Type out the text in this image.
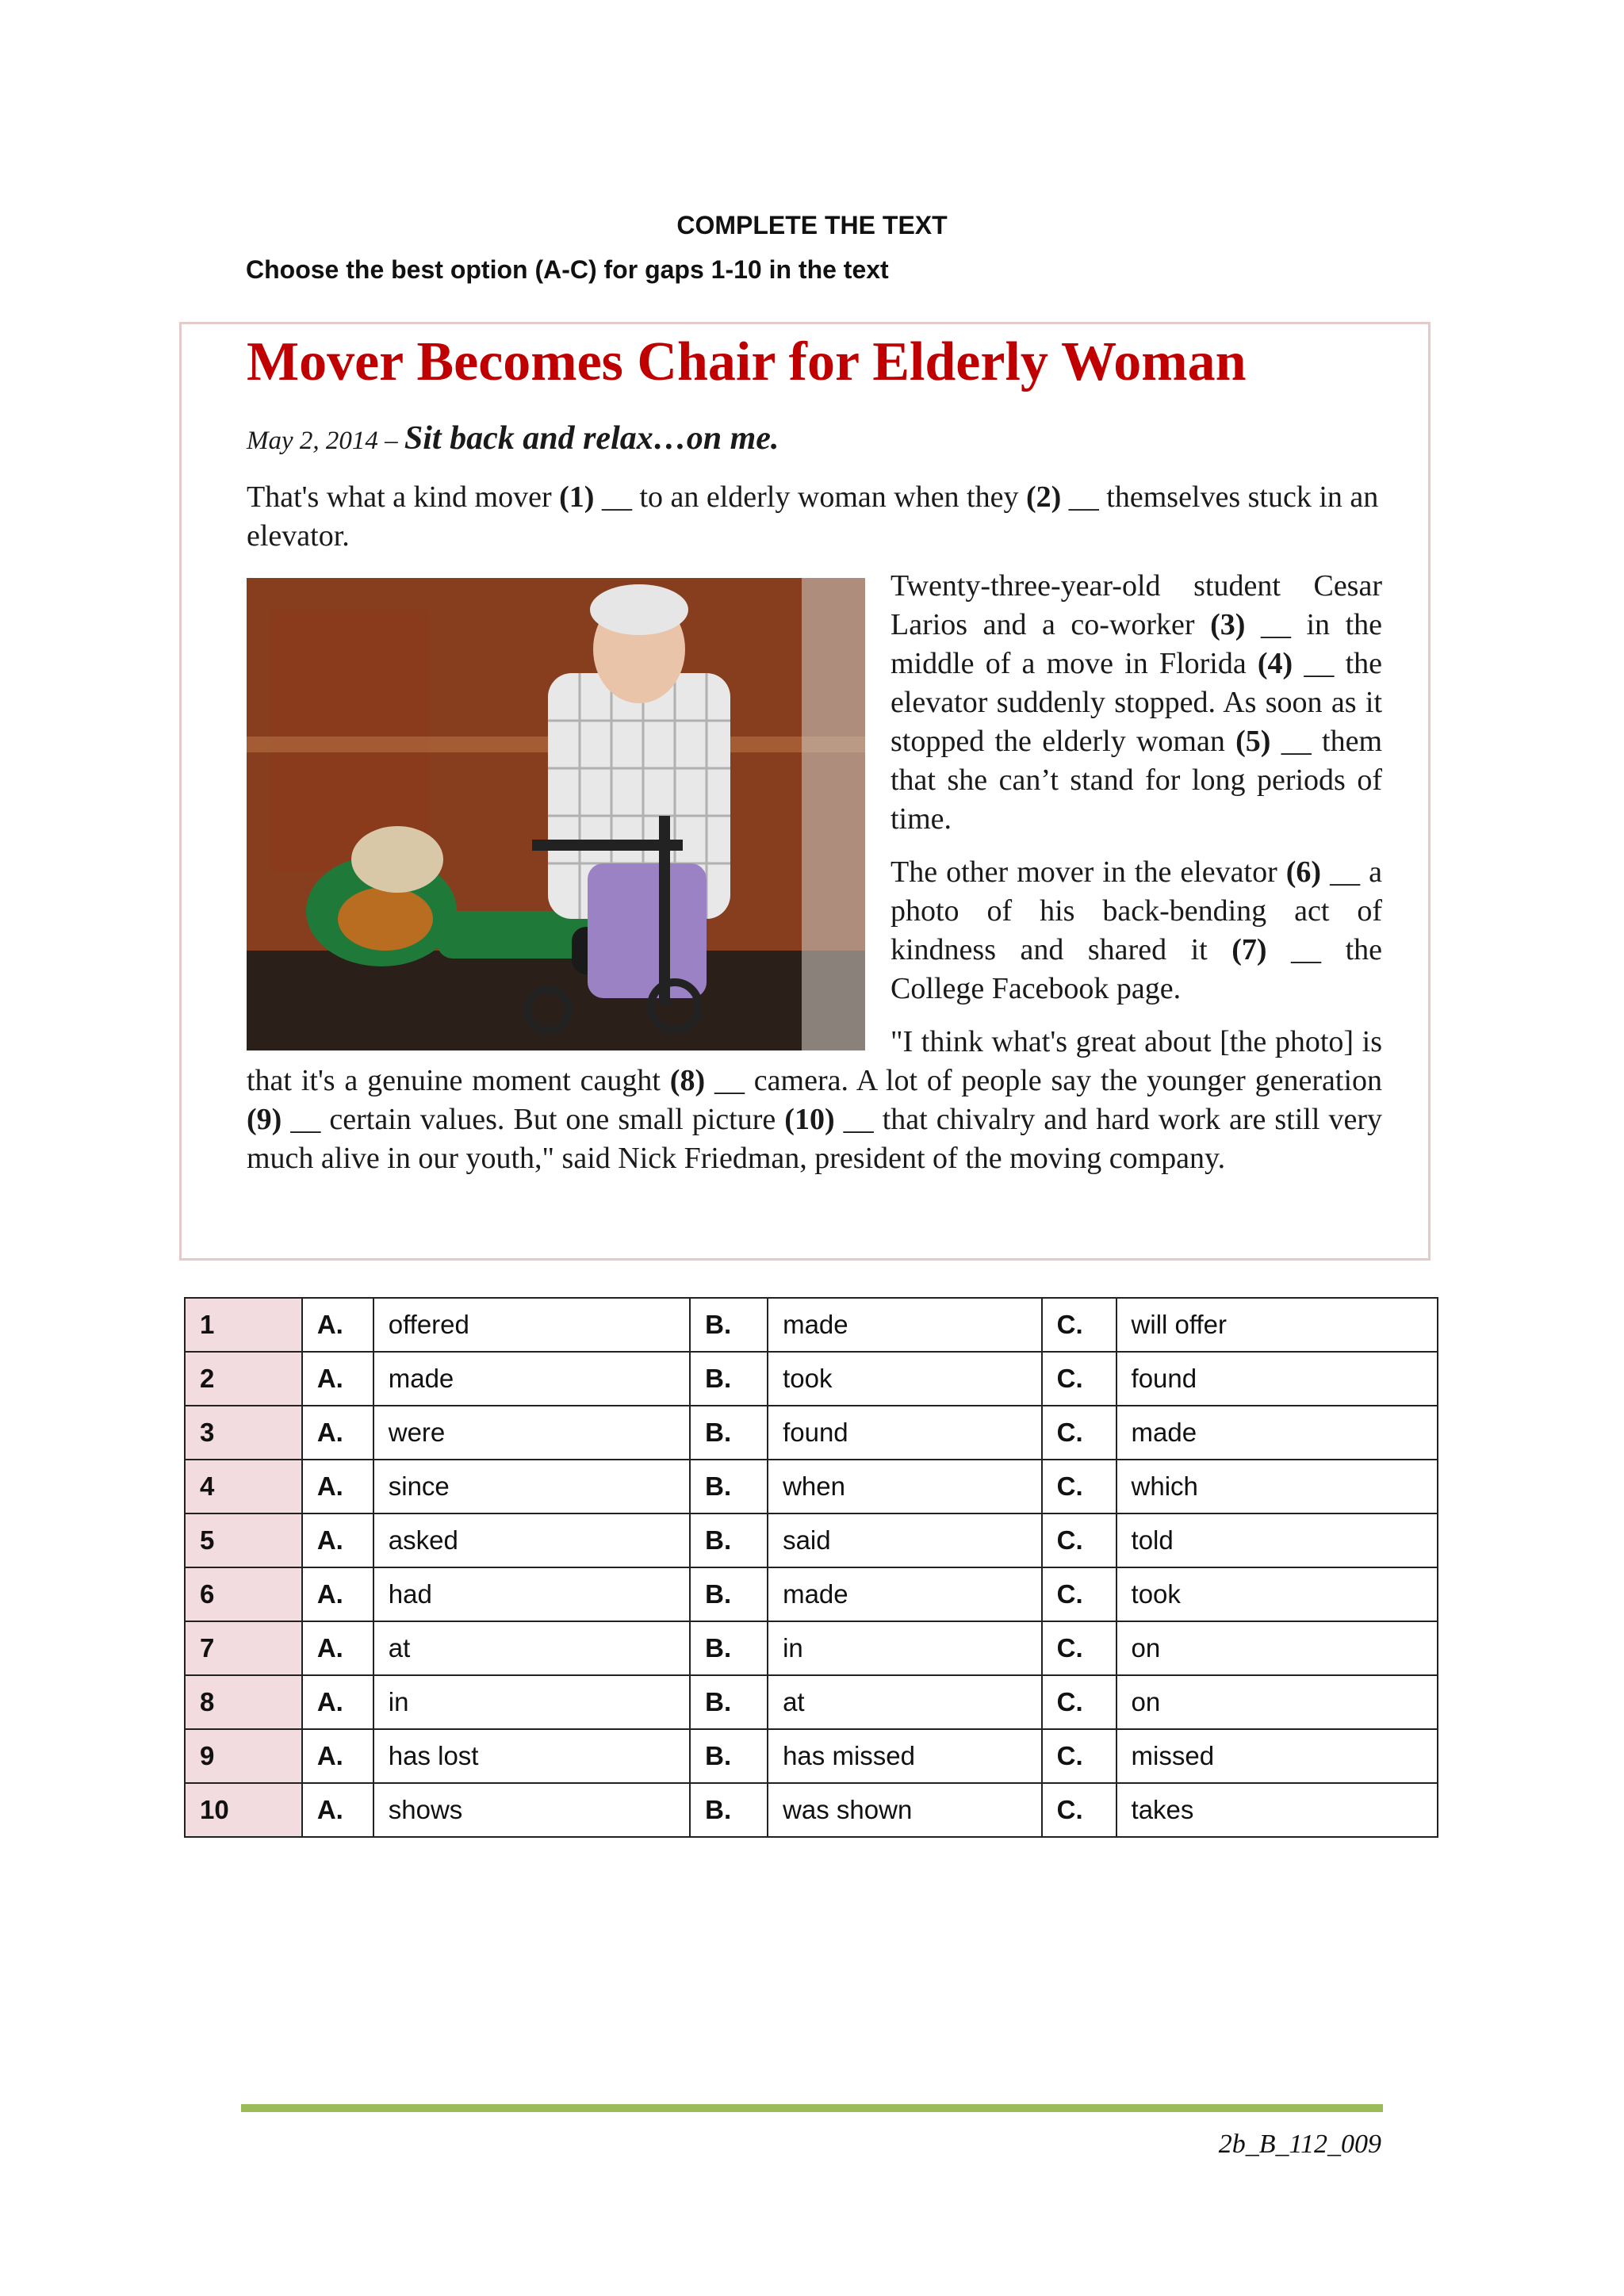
COMPLETE THE TEXT
Choose the best option (A-C) for gaps 1-10 in the text
Mover Becomes Chair for Elderly Woman
May 2, 2014 – Sit back and relax…on me.
That's what a kind mover (1) __ to an elderly woman when they (2) __ themselves stuck in an elevator.

Twenty-three-year-old student Cesar Larios and a co-worker (3) __ in the middle of a move in Florida (4) __ the elevator suddenly stopped. As soon as it stopped the elderly woman (5) __ them that she can’t stand for long periods of time.

The other mover in the elevator (6) __ a photo of his back-bending act of kindness and shared it (7) __ the College Facebook page.

"I think what's great about [the photo] is that it's a genuine moment caught (8) __ camera. A lot of people say the younger generation (9) __ certain values. But one small picture (10) __ that chivalry and hard work are still very much alive in our youth," said Nick Friedman, president of the moving company.

1	A.	offered	B.	made	C.	will offer
2	A.	made	B.	took	C.	found
3	A.	were	B.	found	C.	made
4	A.	since	B.	when	C.	which
5	A.	asked	B.	said	C.	told
6	A.	had	B.	made	C.	took
7	A.	at	B.	in	C.	on
8	A.	in	B.	at	C.	on
9	A.	has lost	B.	has missed	C.	missed
10	A.	shows	B.	was shown	C.	takes
2b_B_112_009
